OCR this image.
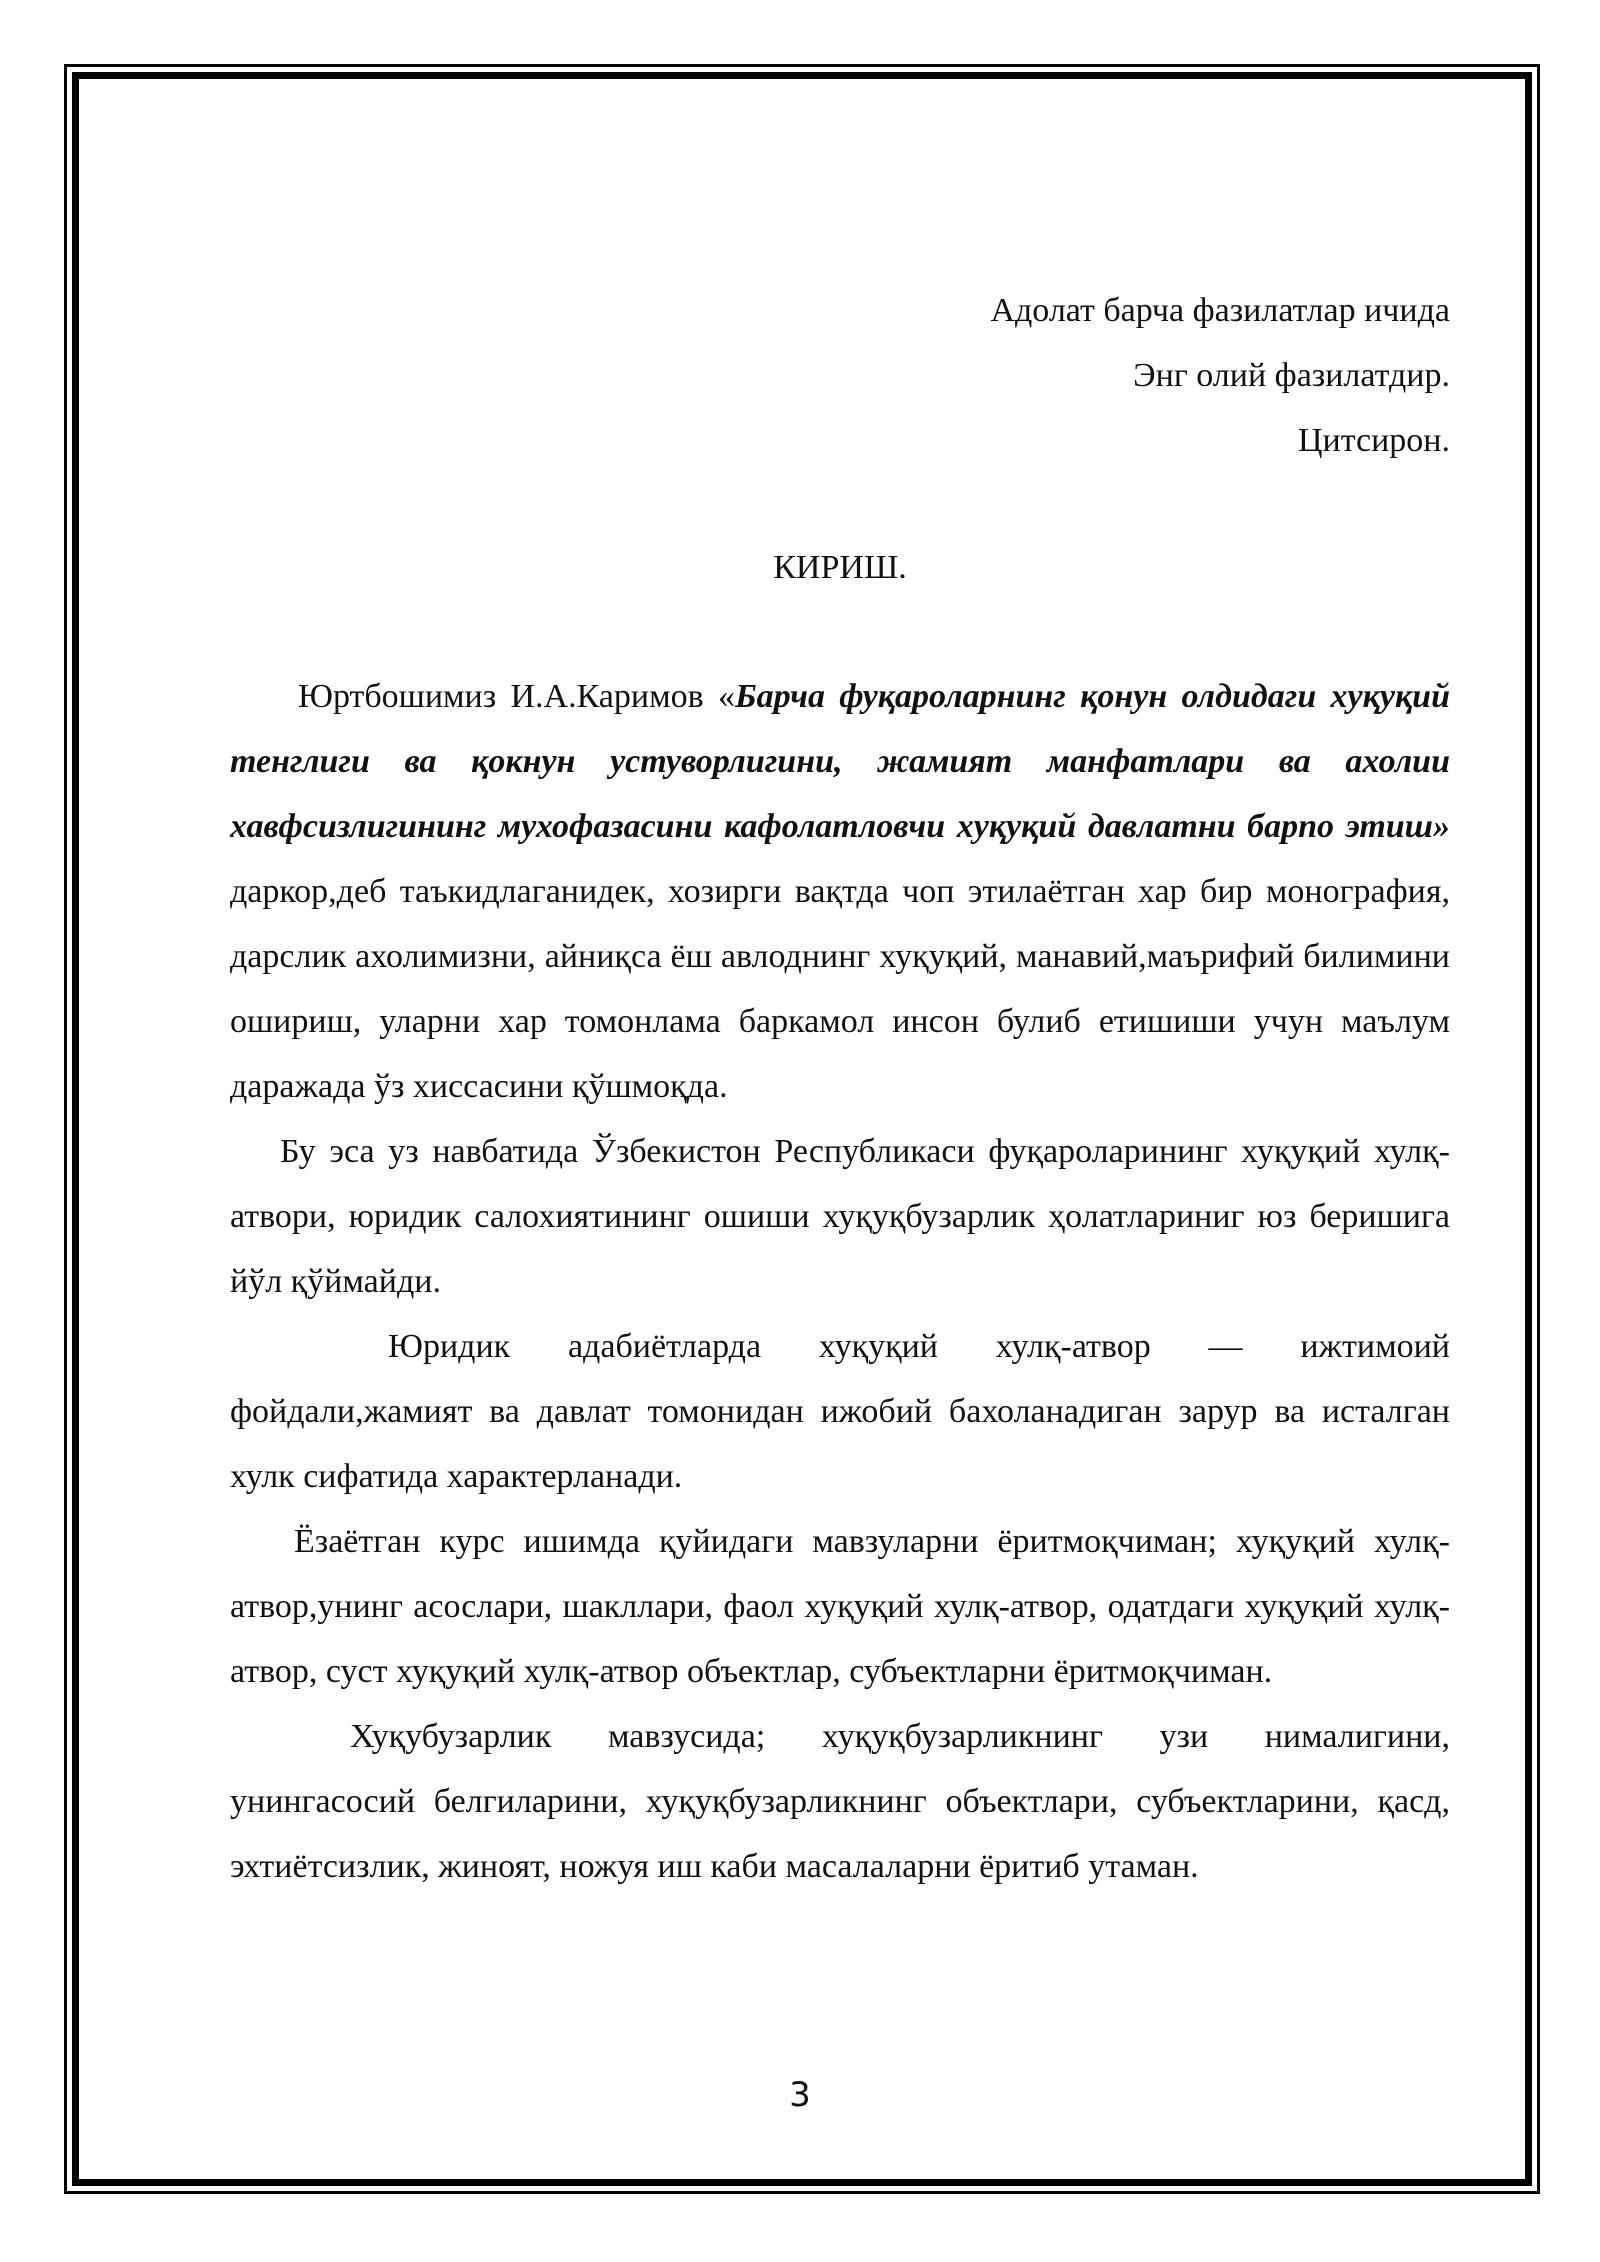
Адолат барча фазилатлар ичида
Энг олий фазилатдир.
Цитсирон.
КИРИШ.

Юртбошимиз И.А.Каримов «Барча фуқароларнинг қонун олдидаги хуқуқий тенглиги ва қокнун устуворлигини, жамият манфатлари ва ахолии хавфсизлигининг мухофазасини кафолатловчи хуқуқий давлатни барпо этиш» даркор,деб таъкидлаганидек, хозирги вақтда чоп этилаётган хар бир монография, дарслик ахолимизни, айниқса ёш авлоднинг хуқуқий, манавий,маърифий билимини ошириш, уларни хар томонлама баркамол инсон булиб етишиши учун маълум даражада ўз хиссасини қўшмоқда.

Бу эса уз навбатида Ўзбекистон Республикаси фуқароларининг хуқуқий хулқ- атвори, юридик салохиятининг ошиши хуқуқбузарлик ҳолатлариниг юз беришига йўл қўймайди.

Юридик адабиётларда хуқуқий хулқ-атвор — ижтимоий фойдали,жамият ва давлат томонидан ижобий бахоланадиган зарур ва исталган хулк сифатида характерланади.

Ёзаётган курс ишимда қуйидаги мавзуларни ёритмоқчиман; хуқуқий хулқ-атвор,унинг асослари, шакллари, фаол хуқуқий хулқ-атвор, одатдаги хуқуқий хулқ-атвор, суст хуқуқий хулқ-атвор объектлар, субъектларни ёритмоқчиман.

Хуқубузарлик мавзусида; хуқуқбузарликнинг узи нималигини, унингасосий белгиларини, хуқуқбузарликнинг объектлари, субъектларини, қасд, эхтиётсизлик, жиноят, ножуя иш каби масалаларни ёритиб утаман.

3
